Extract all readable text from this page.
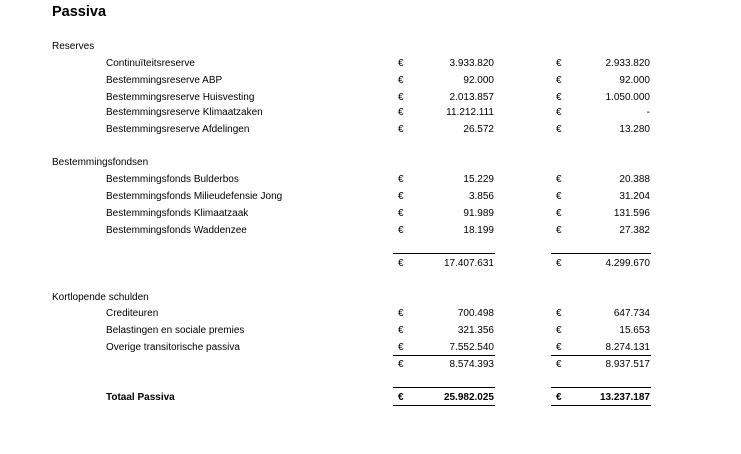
Passiva
Reserves
Continuïteitsreserve	€	3.933.820	€	2.933.820
Bestemmingsreserve ABP	€	92.000	€	92.000
Bestemmingsreserve Huisvesting	€	2.013.857	€	1.050.000
Bestemmingsreserve Klimaatzaken	€	11.212.111	€	-
Bestemmingsreserve Afdelingen	€	26.572	€	13.280
Bestemmingsfondsen
Bestemmingsfonds Bulderbos	€	15.229	€	20.388
Bestemmingsfonds Milieudefensie Jong	€	3.856	€	31.204
Bestemmingsfonds Klimaatzaak	€	91.989	€	131.596
Bestemmingsfonds Waddenzee	€	18.199	€	27.382
€	17.407.631	€	4.299.670
Kortlopende schulden
Crediteuren	€	700.498	€	647.734
Belastingen en sociale premies	€	321.356	€	15.653
Overige transitorische passiva	€	7.552.540	€	8.274.131
€	8.574.393	€	8.937.517
Totaal Passiva	€	25.982.025	€	13.237.187
